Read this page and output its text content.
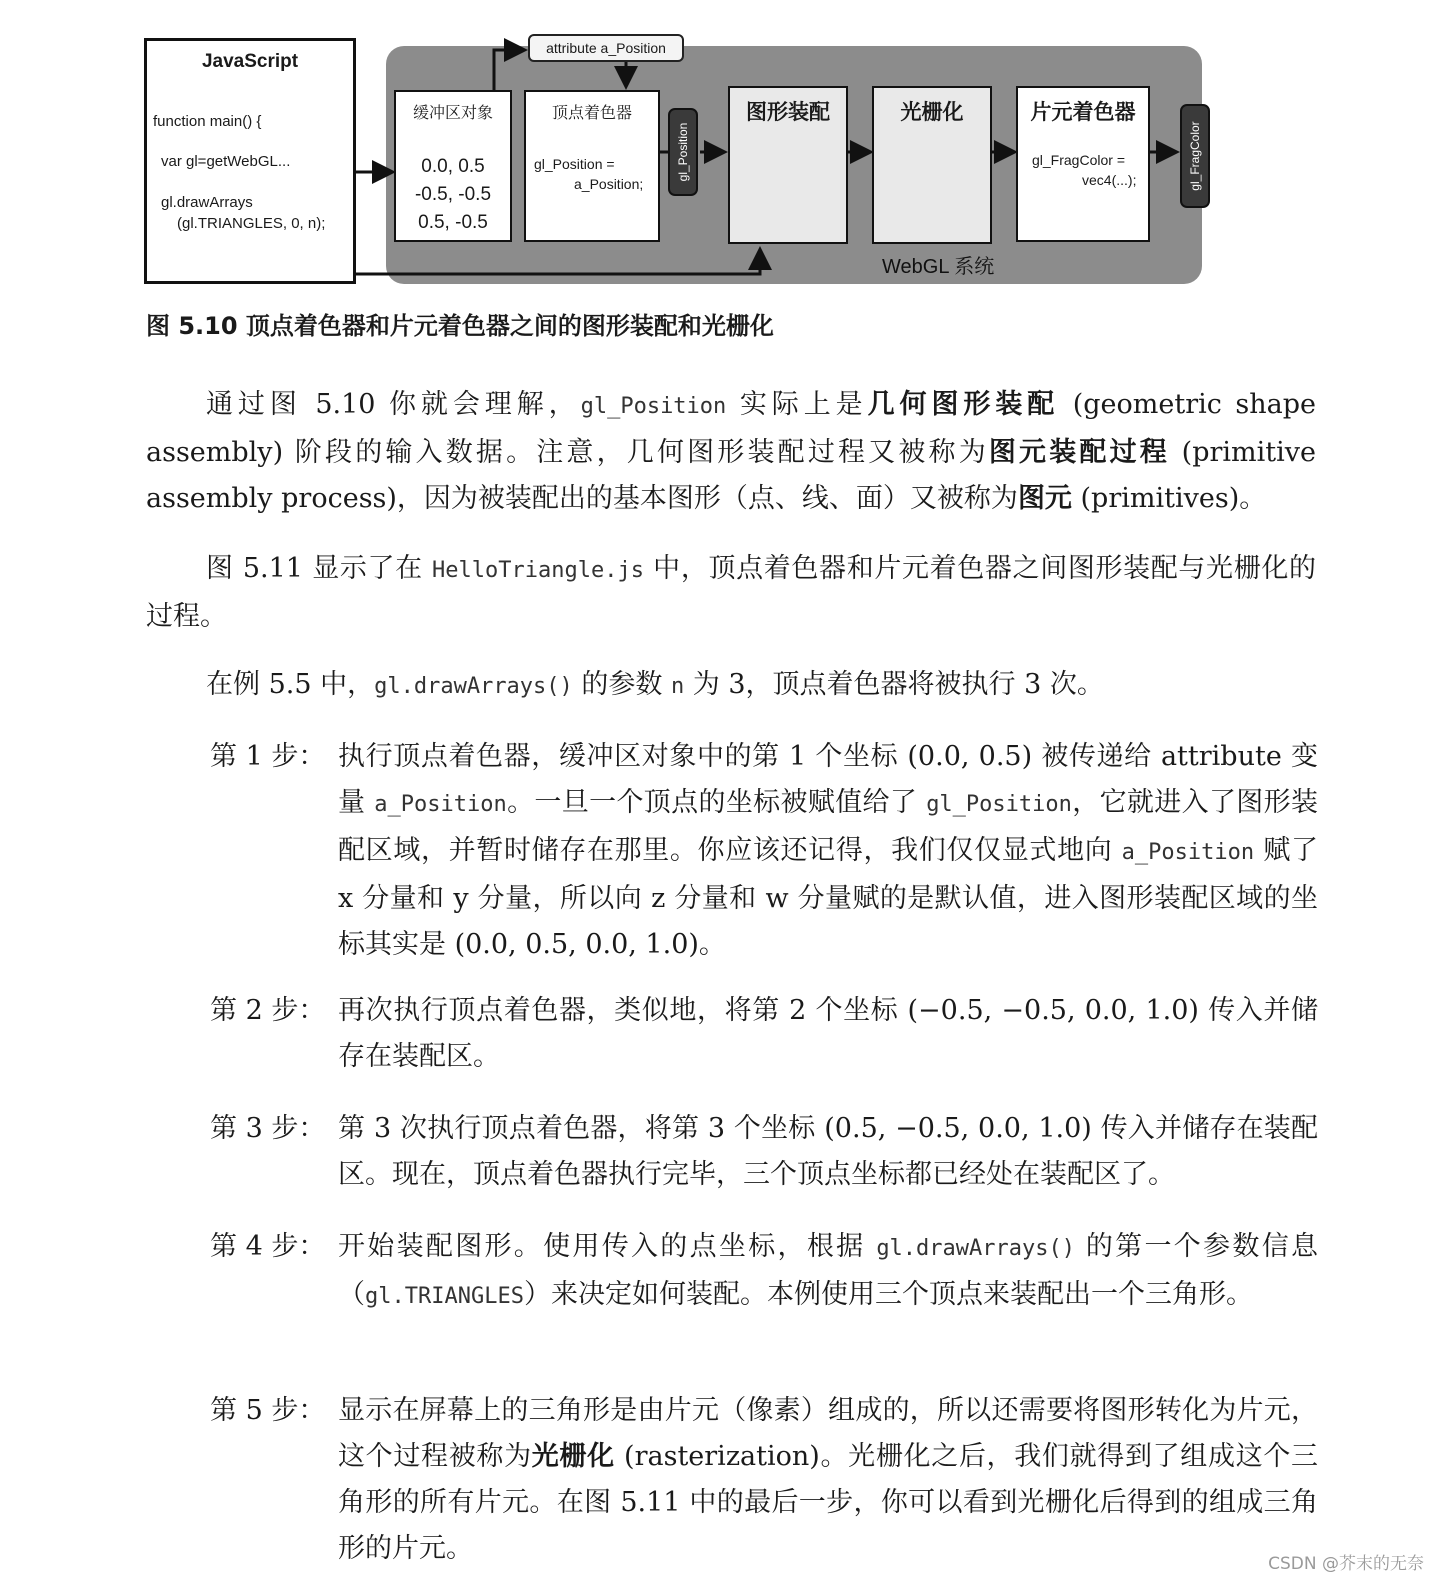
JavaScript
function main() {
var gl=getWebGL...
gl.drawArrays
(gl.TRIANGLES, 0, n);
attribute a_Position
缓冲区对象
0.0, 0.5
-0.5, -0.5
0.5, -0.5
顶点着色器
gl_Position =
a_Position;
gl_Position
图形装配	光栅化	片元着色器
gl_FragColor =
vec4(...);	gl_FragColor
WebGL 系统
图 5.10 顶点着色器和片元着色器之间的图形装配和光栅化

通过图 5.10 你就会理解，gl_Position 实际上是几何图形装配 (geometric shape assembly) 阶段的输入数据。注意，几何图形装配过程又被称为图元装配过程 (primitive assembly process)，因为被装配出的基本图形（点、线、面）又被称为图元 (primitives)。

图 5.11 显示了在 HelloTriangle.js 中，顶点着色器和片元着色器之间图形装配与光栅化的过程。

在例 5.5 中，gl.drawArrays() 的参数 n 为 3，顶点着色器将被执行 3 次。

第 1 步： 执行顶点着色器，缓冲区对象中的第 1 个坐标 (0.0, 0.5) 被传递给 attribute 变量 a_Position。一旦一个顶点的坐标被赋值给了 gl_Position，它就进入了图形装配区域，并暂时储存在那里。你应该还记得，我们仅仅显式地向 a_Position 赋了 x 分量和 y 分量，所以向 z 分量和 w 分量赋的是默认值，进入图形装配区域的坐标其实是 (0.0, 0.5, 0.0, 1.0)。
第 2 步： 再次执行顶点着色器，类似地，将第 2 个坐标 (−0.5, −0.5, 0.0, 1.0) 传入并储存在装配区。
第 3 步： 第 3 次执行顶点着色器，将第 3 个坐标 (0.5, −0.5, 0.0, 1.0) 传入并储存在装配区。现在，顶点着色器执行完毕，三个顶点坐标都已经处在装配区了。
第 4 步： 开始装配图形。使用传入的点坐标，根据 gl.drawArrays() 的第一个参数信息（gl.TRIANGLES）来决定如何装配。本例使用三个顶点来装配出一个三角形。
第 5 步： 显示在屏幕上的三角形是由片元（像素）组成的，所以还需要将图形转化为片元，这个过程被称为光栅化 (rasterization)。光栅化之后，我们就得到了组成这个三角形的所有片元。在图 5.11 中的最后一步，你可以看到光栅化后得到的组成三角形的片元。	CSDN @芥末的无奈
